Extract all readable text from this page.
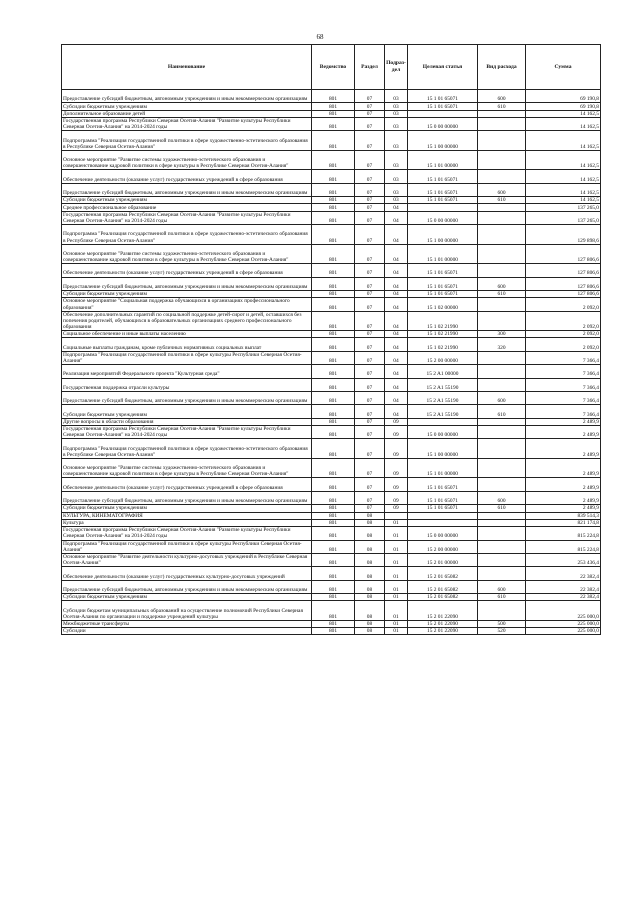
68
Наименование	Ведомство	Раздел	Подраз-дел	Целевая статья	Вид расхода	Сумма
Предоставление субсидий бюджетным, автономным учреждениям и иным некоммерческим организациям	801	07	03	15 1 01 65071	600	69 190,8
Субсидии бюджетным учреждениям	801	07	03	15 1 01 65071	610	69 190,8
Дополнительное образование детей	801	07	03			14 162,5
Государственная программа Республики Северная Осетия-Алания "Развитие культуры Республики Северная Осетия-Алания" на 2014-2024 годы	801	07	03	15 0 00 00000		14 162,5
Подпрограмма "Реализация государственной политики в сфере художественно-эстетического образования в Республике Северная Осетия-Алания"	801	07	03	15 1 00 00000		14 162,5
Основное мероприятие "Развитие системы художественно-эстетического образования и совершенствование кадровой политики в сфере культуры в Республике Северная Осетия-Алания"	801	07	03	15 1 01 00000		14 162,5
Обеспечение деятельности (оказание услуг) государственных учреждений в сфере образования	801	07	03	15 1 01 65071		14 162,5
Предоставление субсидий бюджетным, автономным учреждениям и иным некоммерческим организациям	801	07	03	15 1 01 65071	600	14 162,5
Субсидии бюджетным учреждениям	801	07	03	15 1 01 65071	610	14 162,5
Среднее профессиональное образование	801	07	04			137 265,0
Государственная программа Республики Северная Осетия-Алания "Развитие культуры Республики Северная Осетия-Алания" на 2014-2024 годы	801	07	04	15 0 00 00000		137 265,0
Подпрограмма "Реализация государственной политики в сфере художественно-эстетического образования в Республике Северная Осетия-Алания"	801	07	04	15 1 00 00000		129 898,6
Основное мероприятие "Развитие системы художественно-эстетического образования и совершенствование кадровой политики в сфере культуры в Республике Северная Осетия-Алания"	801	07	04	15 1 01 00000		127 806,6
Обеспечение деятельности (оказание услуг) государственных учреждений в сфере образования	801	07	04	15 1 01 65071		127 806,6
Предоставление субсидий бюджетным, автономным учреждениям и иным некоммерческим организациям	801	07	04	15 1 01 65071	600	127 806,6
Субсидии бюджетным учреждениям	801	07	04	15 1 01 65071	610	127 806,6
Основное мероприятие "Социальная поддержка обучающихся в организациях профессионального образования"	801	07	04	15 1 02 00000		2 092,0
Обеспечение дополнительных гарантий по социальной поддержке детей-сирот и детей, оставшихся без попечения родителей, обучающихся в образовательных организациях среднего профессионального образования	801	07	04	15 1 02 21990		2 092,0
Социальное обеспечение и иные выплаты населению	801	07	04	15 1 02 21990	300	2 092,0
Социальные выплаты гражданам, кроме публичных нормативных социальных выплат	801	07	04	15 1 02 21990	320	2 092,0
Подпрограмма "Реализация государственной политики в сфере культуры Республики Северная Осетия-Алания"	801	07	04	15 2 00 00000		7 366,4
Реализация мероприятий Федерального проекта "Культурная среда"	801	07	04	15 2 A1 00000		7 366,4
Государственная поддержка отрасли культуры	801	07	04	15 2 A1 55190		7 366,4
Предоставление субсидий бюджетным, автономным учреждениям и иным некоммерческим организациям	801	07	04	15 2 A1 55190	600	7 366,4
Субсидии бюджетным учреждениям	801	07	04	15 2 A1 55190	610	7 366,4
Другие вопросы в области образования	801	07	09			2 489,9
Государственная программа Республики Северная Осетия-Алания "Развитие культуры Республики Северная Осетия-Алания" на 2014-2024 годы	801	07	09	15 0 00 00000		2 489,9
Подпрограмма "Реализация государственной политики в сфере художественно-эстетического образования в Республике Северная Осетия-Алания"	801	07	09	15 1 00 00000		2 489,9
Основное мероприятие "Развитие системы художественно-эстетического образования и совершенствование кадровой политики в сфере культуры в Республике Северная Осетия-Алания"	801	07	09	15 1 01 00000		2 489,9
Обеспечение деятельности (оказание услуг) государственных учреждений в сфере образования	801	07	09	15 1 01 65071		2 489,9
Предоставление субсидий бюджетным, автономным учреждениям и иным некоммерческим организациям	801	07	09	15 1 01 65071	600	2 489,9
Субсидии бюджетным учреждениям	801	07	09	15 1 01 65071	610	2 489,9
КУЛЬТУРА, КИНЕМАТОГРАФИЯ	801	08				839 514,3
Культура	801	08	01			821 174,8
Государственная программа Республики Северная Осетия-Алания "Развитие культуры Республики Северная Осетия-Алания" на 2014-2024 годы	801	08	01	15 0 00 00000		815 224,8
Подпрограмма "Реализация государственной политики в сфере культуры Республики Северная Осетия-Алания"	801	08	01	15 2 00 00000		815 224,8
Основное мероприятие "Развитие деятельности культурно-досуговых учреждений в Республике Северная Осетия-Алания"	801	08	01	15 2 01 00000		253 436,4
Обеспечение деятельности (оказание услуг) государственных культурно-досуговых учреждений	801	08	01	15 2 01 65082		22 382,4
Предоставление субсидий бюджетным, автономным учреждениям и иным некоммерческим организациям	801	08	01	15 2 01 65082	600	22 382,4
Субсидии бюджетным учреждениям	801	08	01	15 2 01 65082	610	22 382,4
Субсидии бюджетам муниципальных образований на осуществление полномочий Республики Северная Осетия-Алания по организации и поддержке учреждений культуры	801	08	01	15 2 01 22090		225 000,0
Межбюджетные трансферты	801	08	01	15 2 01 22090	500	225 000,0
Субсидии	801	08	01	15 2 01 22090	520	225 000,0
